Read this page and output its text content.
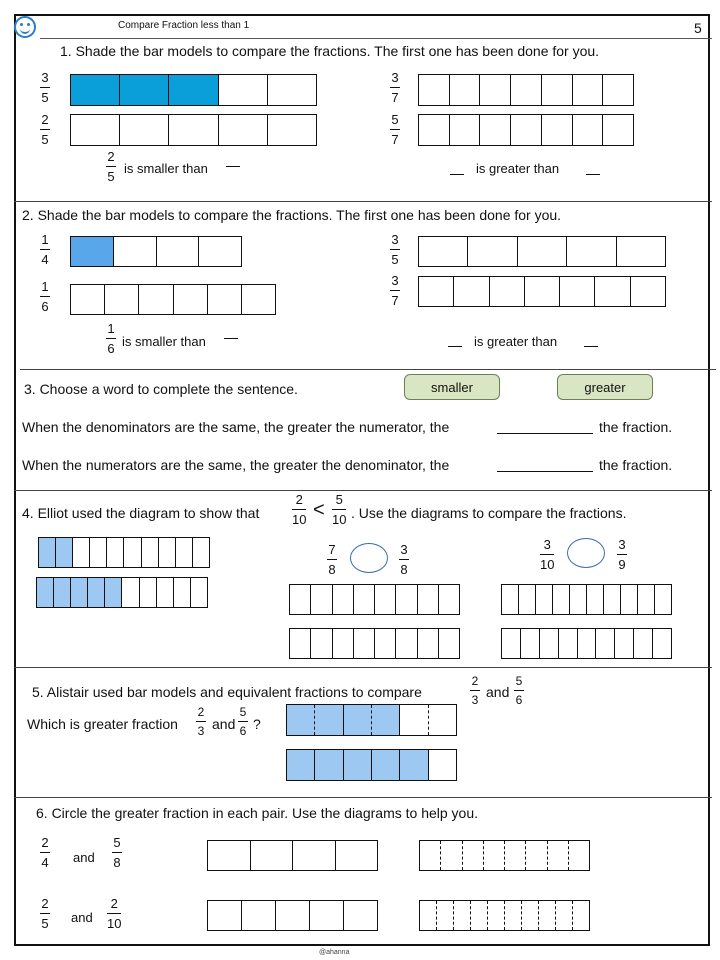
Compare Fraction less than 1	5
1. Shade the bar models to compare the fractions. The first one has been done for you.
3
5
2
5
2
5
is smaller than
3
7
5
7
is greater than
2. Shade the bar models to compare the fractions. The first one has been done for you.
1
4
1
6
1
6 is smaller than
3
5
3
7
is greater than
3. Choose a word to complete the sentence.	smaller	greater
When the denominators are the same, the greater the numerator, the	the fraction.
When the numerators are the same, the greater the denominator, the	the fraction.
4. Elliot used the diagram to show that
2
10 < 5
10 . Use the diagrams to compare the fractions.
7
8
3
8
3
10
3
9
5. Alistair used bar models and equivalent fractions to compare
2
3 and
5
6
Which is greater fraction
2
3 and
5
6 ?
6. Circle the greater fraction in each pair. Use the diagrams to help you.
2
4 and
5
8
2
5 and
2
10
@ahanna
